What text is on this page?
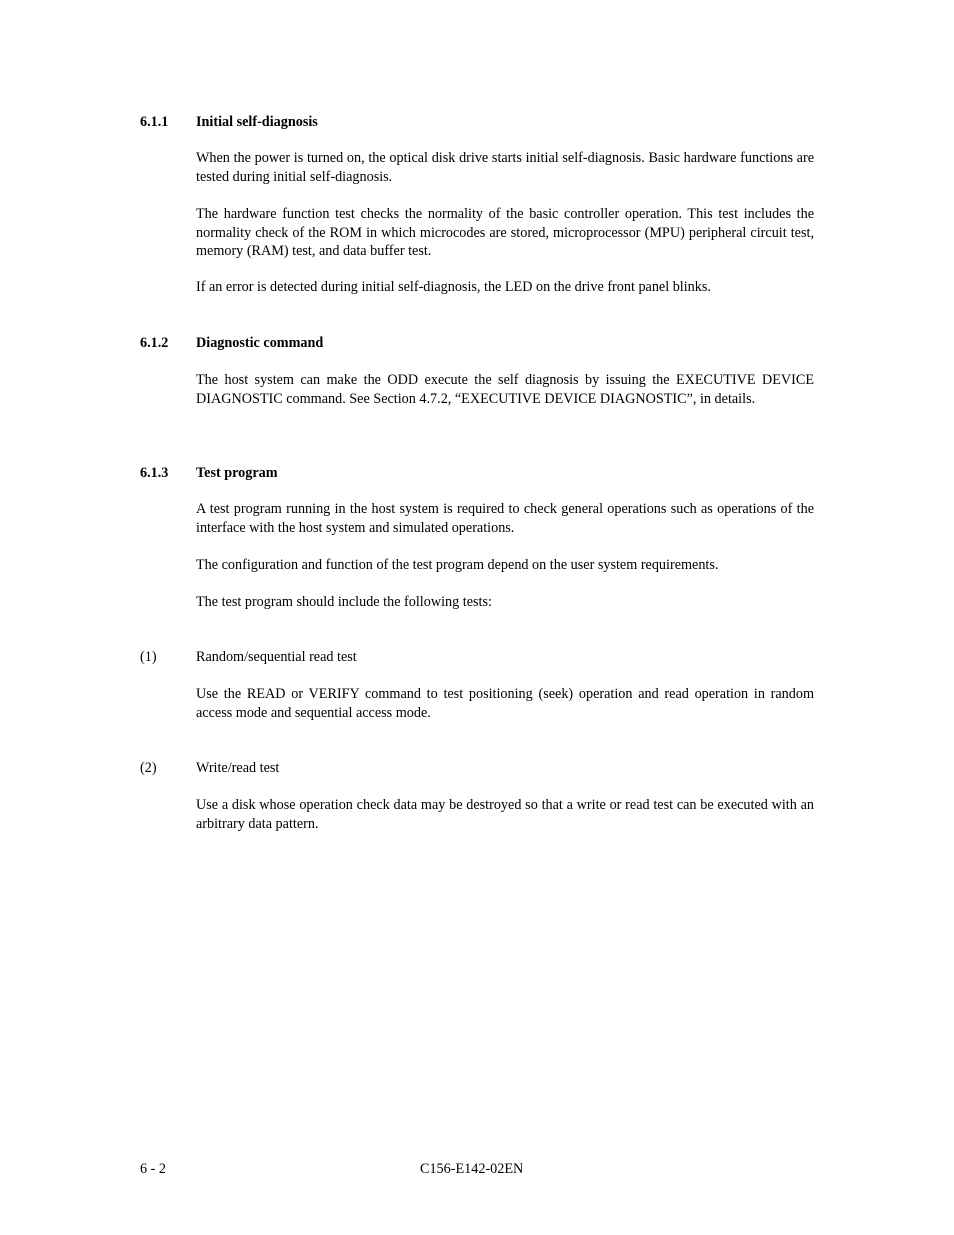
6.1.1 Initial self-diagnosis
When the power is turned on, the optical disk drive starts initial self-diagnosis. Basic hardware functions are tested during initial self-diagnosis.
The hardware function test checks the normality of the basic controller operation. This test includes the normality check of the ROM in which microcodes are stored, microprocessor (MPU) peripheral circuit test, memory (RAM) test, and data buffer test.
If an error is detected during initial self-diagnosis, the LED on the drive front panel blinks.
6.1.2 Diagnostic command
The host system can make the ODD execute the self diagnosis by issuing the EXECUTIVE DEVICE DIAGNOSTIC command. See Section 4.7.2, “EXECUTIVE DEVICE DIAGNOSTIC”, in details.
6.1.3 Test program
A test program running in the host system is required to check general operations such as operations of the interface with the host system and simulated operations.
The configuration and function of the test program depend on the user system requirements.
The test program should include the following tests:
(1)	Random/sequential read test
Use the READ or VERIFY command to test positioning (seek) operation and read operation in random access mode and sequential access mode.
(2)	Write/read test
Use a disk whose operation check data may be destroyed so that a write or read test can be executed with an arbitrary data pattern.
6 - 2	C156-E142-02EN
